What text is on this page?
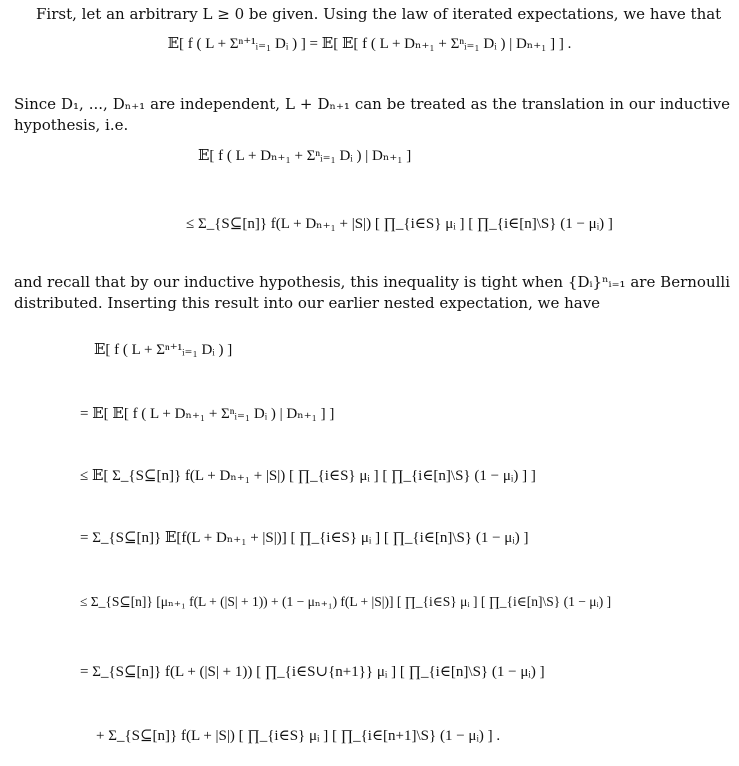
First, let an arbitrary L ≥ 0 be given. Using the law of iterated expectations, we have that
𝔼[ f ( L + Σⁿ⁺¹ᵢ₌₁ Dᵢ ) ] = 𝔼[ 𝔼[ f ( L + Dₙ₊₁ + Σⁿᵢ₌₁ Dᵢ ) | Dₙ₊₁ ] ] .
Since D₁, ..., Dₙ₊₁ are independent, L + Dₙ₊₁ can be treated as the translation in our inductive hypothesis, i.e.
𝔼[ f ( L + Dₙ₊₁ + Σⁿᵢ₌₁ Dᵢ ) | Dₙ₊₁ ]
≤ Σ_{S⊆[n]} f(L + Dₙ₊₁ + |S|) [ ∏_{i∈S} μᵢ ] [ ∏_{i∈[n]\S} (1 − μᵢ) ]
and recall that by our inductive hypothesis, this inequality is tight when {Dᵢ}ⁿᵢ₌₁ are Bernoulli distributed. Inserting this result into our earlier nested expectation, we have
𝔼[ f ( L + Σⁿ⁺¹ᵢ₌₁ Dᵢ ) ]
= 𝔼[ 𝔼[ f ( L + Dₙ₊₁ + Σⁿᵢ₌₁ Dᵢ ) | Dₙ₊₁ ] ]
≤ 𝔼[ Σ_{S⊆[n]} f(L + Dₙ₊₁ + |S|) [ ∏_{i∈S} μᵢ ] [ ∏_{i∈[n]\S} (1 − μᵢ) ] ]
= Σ_{S⊆[n]} 𝔼[f(L + Dₙ₊₁ + |S|)] [ ∏_{i∈S} μᵢ ] [ ∏_{i∈[n]\S} (1 − μᵢ) ]
≤ Σ_{S⊆[n]} [μₙ₊₁ f(L + (|S| + 1)) + (1 − μₙ₊₁) f(L + |S|)] [ ∏_{i∈S} μᵢ ] [ ∏_{i∈[n]\S} (1 − μᵢ) ]
= Σ_{S⊆[n]} f(L + (|S| + 1)) [ ∏_{i∈S∪{n+1}} μᵢ ] [ ∏_{i∈[n]\S} (1 − μᵢ) ]
+ Σ_{S⊆[n]} f(L + |S|) [ ∏_{i∈S} μᵢ ] [ ∏_{i∈[n+1]\S} (1 − μᵢ) ] .
